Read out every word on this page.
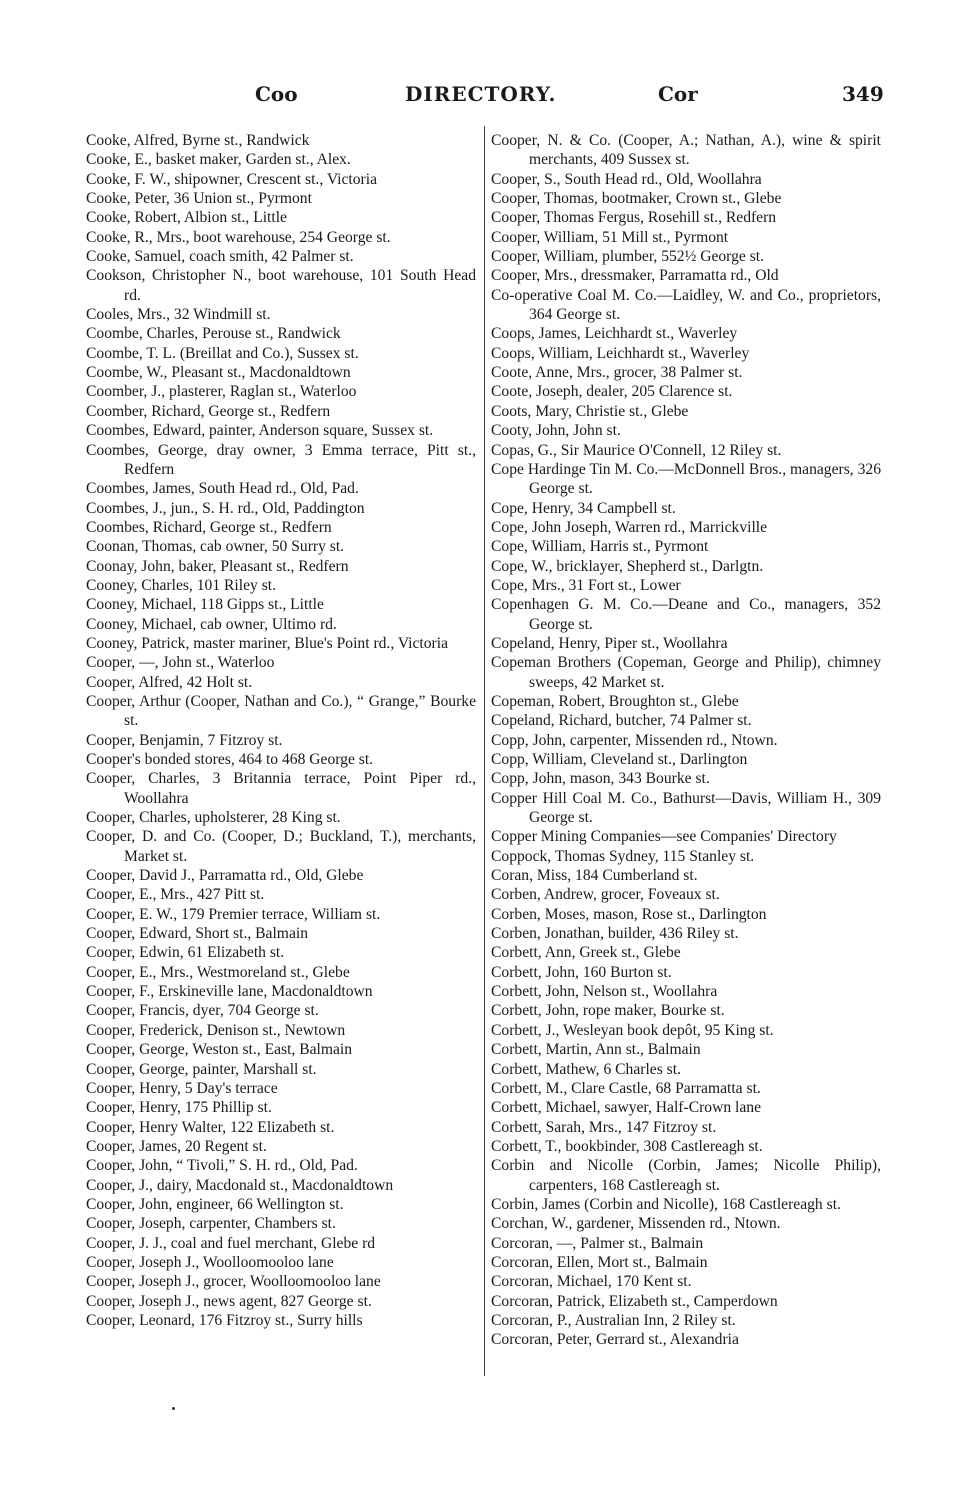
Coo	DIRECTORY.	Cor	349
Cooke, Alfred, Byrne st., Randwick
Cooke, E., basket maker, Garden st., Alex.
Cooke, F. W., shipowner, Crescent st., Victoria
Cooke, Peter, 36 Union st., Pyrmont
Cooke, Robert, Albion st., Little
Cooke, R., Mrs., boot warehouse, 254 George st.
Cooke, Samuel, coach smith, 42 Palmer st.
Cookson, Christopher N., boot warehouse, 101 South Head rd.
Cooles, Mrs., 32 Windmill st.
Coombe, Charles, Perouse st., Randwick
Coombe, T. L. (Breillat and Co.), Sussex st.
Coombe, W., Pleasant st., Macdonaldtown
Coomber, J., plasterer, Raglan st., Waterloo
Coomber, Richard, George st., Redfern
Coombes, Edward, painter, Anderson square, Sussex st.
Coombes, George, dray owner, 3 Emma terrace, Pitt st., Redfern
Coombes, James, South Head rd., Old, Pad.
Coombes, J., jun., S. H. rd., Old, Paddington
Coombes, Richard, George st., Redfern
Coonan, Thomas, cab owner, 50 Surry st.
Coonay, John, baker, Pleasant st., Redfern
Cooney, Charles, 101 Riley st.
Cooney, Michael, 118 Gipps st., Little
Cooney, Michael, cab owner, Ultimo rd.
Cooney, Patrick, master mariner, Blue's Point rd., Victoria
Cooper, —, John st., Waterloo
Cooper, Alfred, 42 Holt st.
Cooper, Arthur (Cooper, Nathan and Co.), “ Grange,” Bourke st.
Cooper, Benjamin, 7 Fitzroy st.
Cooper's bonded stores, 464 to 468 George st.
Cooper, Charles, 3 Britannia terrace, Point Piper rd., Woollahra
Cooper, Charles, upholsterer, 28 King st.
Cooper, D. and Co. (Cooper, D.; Buckland, T.), merchants, Market st.
Cooper, David J., Parramatta rd., Old, Glebe
Cooper, E., Mrs., 427 Pitt st.
Cooper, E. W., 179 Premier terrace, William st.
Cooper, Edward, Short st., Balmain
Cooper, Edwin, 61 Elizabeth st.
Cooper, E., Mrs., Westmoreland st., Glebe
Cooper, F., Erskineville lane, Macdonaldtown
Cooper, Francis, dyer, 704 George st.
Cooper, Frederick, Denison st., Newtown
Cooper, George, Weston st., East, Balmain
Cooper, George, painter, Marshall st.
Cooper, Henry, 5 Day's terrace
Cooper, Henry, 175 Phillip st.
Cooper, Henry Walter, 122 Elizabeth st.
Cooper, James, 20 Regent st.
Cooper, John, “ Tivoli,” S. H. rd., Old, Pad.
Cooper, J., dairy, Macdonald st., Macdonaldtown
Cooper, John, engineer, 66 Wellington st.
Cooper, Joseph, carpenter, Chambers st.
Cooper, J. J., coal and fuel merchant, Glebe rd
Cooper, Joseph J., Woolloomooloo lane
Cooper, Joseph J., grocer, Woolloomooloo lane
Cooper, Joseph J., news agent, 827 George st.
Cooper, Leonard, 176 Fitzroy st., Surry hills
Cooper, N. & Co. (Cooper, A.; Nathan, A.), wine & spirit merchants, 409 Sussex st.
Cooper, S., South Head rd., Old, Woollahra
Cooper, Thomas, bootmaker, Crown st., Glebe
Cooper, Thomas Fergus, Rosehill st., Redfern
Cooper, William, 51 Mill st., Pyrmont
Cooper, William, plumber, 552½ George st.
Cooper, Mrs., dressmaker, Parramatta rd., Old
Co-operative Coal M. Co.—Laidley, W. and Co., proprietors, 364 George st.
Coops, James, Leichhardt st., Waverley
Coops, William, Leichhardt st., Waverley
Coote, Anne, Mrs., grocer, 38 Palmer st.
Coote, Joseph, dealer, 205 Clarence st.
Coots, Mary, Christie st., Glebe
Cooty, John, John st.
Copas, G., Sir Maurice O'Connell, 12 Riley st.
Cope Hardinge Tin M. Co.—McDonnell Bros., managers, 326 George st.
Cope, Henry, 34 Campbell st.
Cope, John Joseph, Warren rd., Marrickville
Cope, William, Harris st., Pyrmont
Cope, W., bricklayer, Shepherd st., Darlgtn.
Cope, Mrs., 31 Fort st., Lower
Copenhagen G. M. Co.—Deane and Co., managers, 352 George st.
Copeland, Henry, Piper st., Woollahra
Copeman Brothers (Copeman, George and Philip), chimney sweeps, 42 Market st.
Copeman, Robert, Broughton st., Glebe
Copeland, Richard, butcher, 74 Palmer st.
Copp, John, carpenter, Missenden rd., Ntown.
Copp, William, Cleveland st., Darlington
Copp, John, mason, 343 Bourke st.
Copper Hill Coal M. Co., Bathurst—Davis, William H., 309 George st.
Copper Mining Companies—see Companies' Directory
Coppock, Thomas Sydney, 115 Stanley st.
Coran, Miss, 184 Cumberland st.
Corben, Andrew, grocer, Foveaux st.
Corben, Moses, mason, Rose st., Darlington
Corben, Jonathan, builder, 436 Riley st.
Corbett, Ann, Greek st., Glebe
Corbett, John, 160 Burton st.
Corbett, John, Nelson st., Woollahra
Corbett, John, rope maker, Bourke st.
Corbett, J., Wesleyan book depôt, 95 King st.
Corbett, Martin, Ann st., Balmain
Corbett, Mathew, 6 Charles st.
Corbett, M., Clare Castle, 68 Parramatta st.
Corbett, Michael, sawyer, Half-Crown lane
Corbett, Sarah, Mrs., 147 Fitzroy st.
Corbett, T., bookbinder, 308 Castlereagh st.
Corbin and Nicolle (Corbin, James; Nicolle Philip), carpenters, 168 Castlereagh st.
Corbin, James (Corbin and Nicolle), 168 Castlereagh st.
Corchan, W., gardener, Missenden rd., Ntown.
Corcoran, —, Palmer st., Balmain
Corcoran, Ellen, Mort st., Balmain
Corcoran, Michael, 170 Kent st.
Corcoran, Patrick, Elizabeth st., Camperdown
Corcoran, P., Australian Inn, 2 Riley st.
Corcoran, Peter, Gerrard st., Alexandria
